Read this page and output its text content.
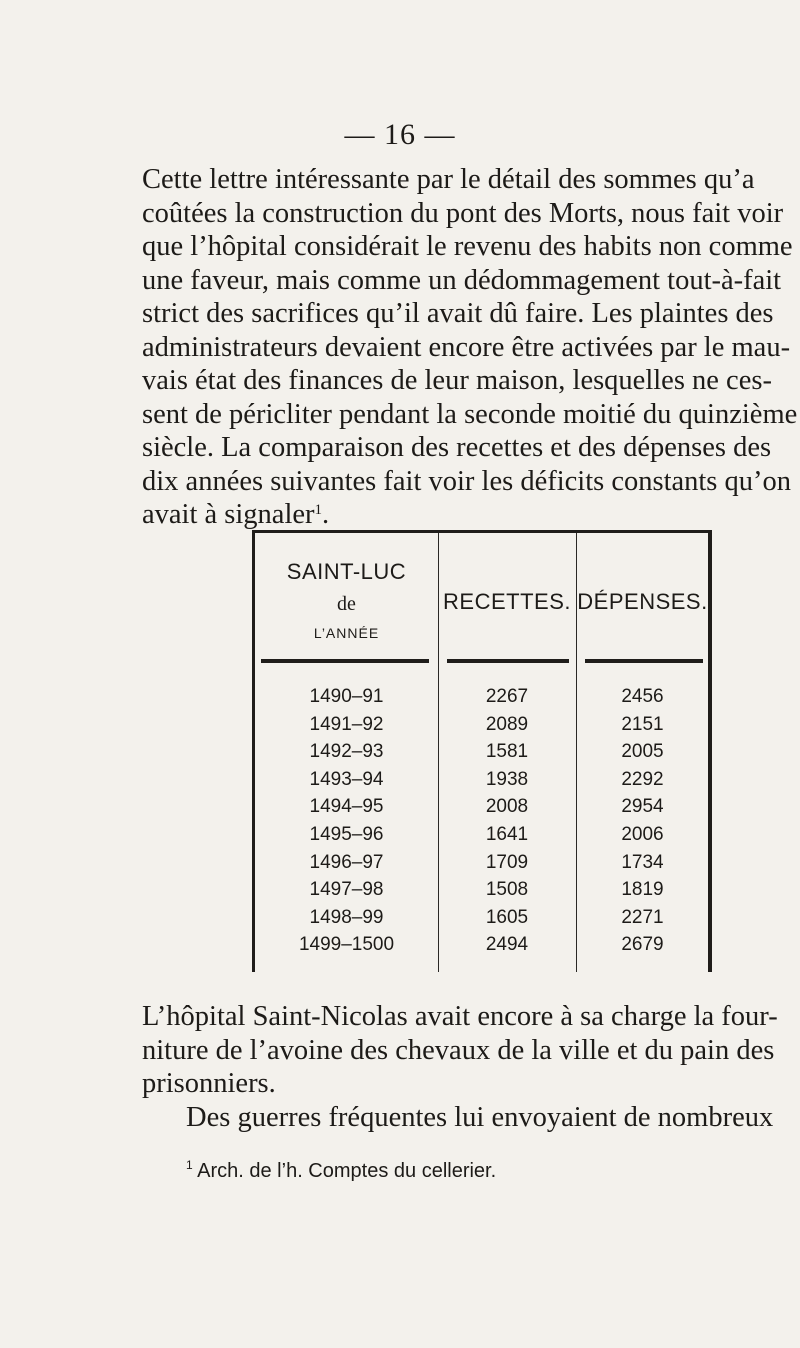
— 16 —

Cette lettre intéressante par le détail des sommes qu’a
coûtées la construction du pont des Morts, nous fait voir
que l’hôpital considérait le revenu des habits non comme
une faveur, mais comme un dédommagement tout-à-fait
strict des sacrifices qu’il avait dû faire. Les plaintes des
administrateurs devaient encore être activées par le mau-
vais état des finances de leur maison, lesquelles ne ces-
sent de péricliter pendant la seconde moitié du quinzième
siècle. La comparaison des recettes et des dépenses des
dix années suivantes fait voir les déficits constants qu’on
avait à signaler$^1$.

SAINT-LUC
de
L’ANNÉE
RECETTES. DÉPENSES.
1490–91	2267	2456
1491–92	2089	2151
1492–93	1581	2005
1493–94	1938	2292
1494–95	2008	2954
1495–96	1641	2006
1496–97	1709	1734
1497–98	1508	1819
1498–99	1605	2271
1499–1500	2494	2679

L’hôpital Saint-Nicolas avait encore à sa charge la four-
niture de l’avoine des chevaux de la ville et du pain des
prisonniers.

Des guerres fréquentes lui envoyaient de nombreux

$^1$ Arch. de l’h. Comptes du cellerier.
